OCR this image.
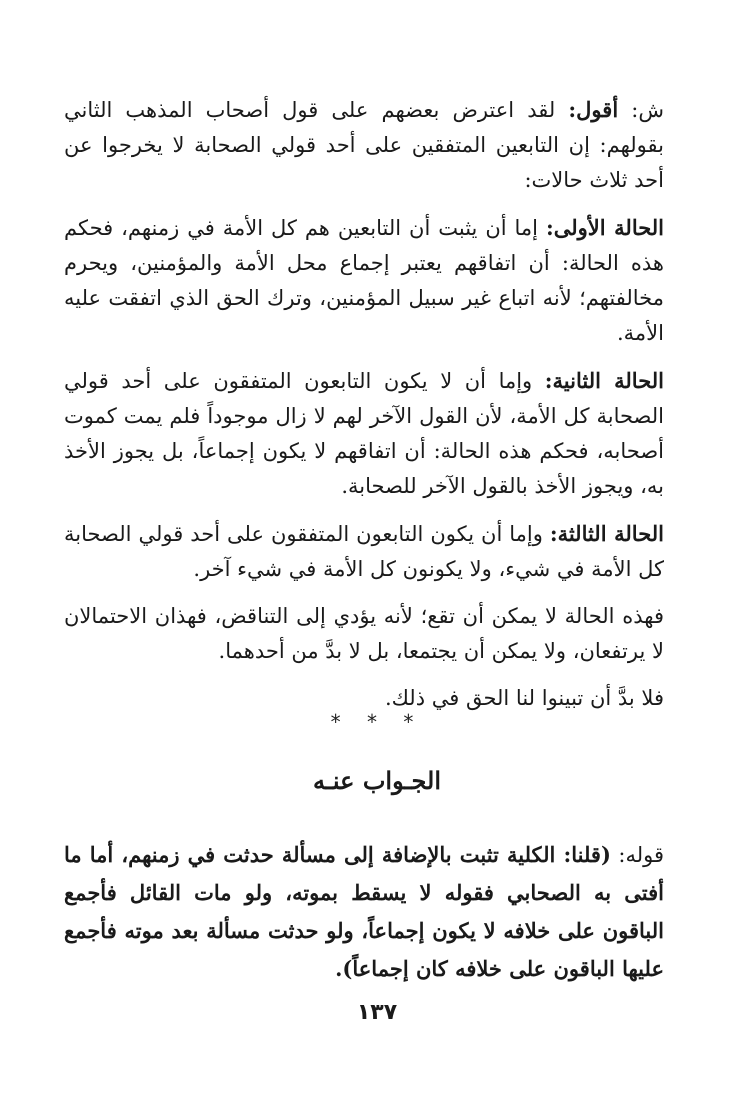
ش: أقول: لقد اعترض بعضهم على قول أصحاب المذهب الثاني بقولهم: إن التابعين المتفقين على أحد قولي الصحابة لا يخرجوا عن أحد ثلاث حالات:

الحالة الأولى: إما أن يثبت أن التابعين هم كل الأمة في زمنهم، فحكم هذه الحالة: أن اتفاقهم يعتبر إجماع محل الأمة والمؤمنين، ويحرم مخالفتهم؛ لأنه اتباع غير سبيل المؤمنين، وترك الحق الذي اتفقت عليه الأمة.

الحالة الثانية: وإما أن لا يكون التابعون المتفقون على أحد قولي الصحابة كل الأمة، لأن القول الآخر لهم لا زال موجوداً فلم يمت كموت أصحابه، فحكم هذه الحالة: أن اتفاقهم لا يكون إجماعاً، بل يجوز الأخذ به، ويجوز الأخذ بالقول الآخر للصحابة.

الحالة الثالثة: وإما أن يكون التابعون المتفقون على أحد قولي الصحابة كل الأمة في شيء، ولا يكونون كل الأمة في شيء آخر.

فهذه الحالة لا يمكن أن تقع؛ لأنه يؤدي إلى التناقض، فهذان الاحتمالان لا يرتفعان، ولا يمكن أن يجتمعا، بل لا بدَّ من أحدهما.

فلا بدَّ أن تبينوا لنا الحق في ذلك.

* * *
الجـواب عنـه

قوله: (قلنا: الكلية تثبت بالإضافة إلى مسألة حدثت في زمنهم، أما ما أفتى به الصحابي فقوله لا يسقط بموته، ولو مات القائل فأجمع الباقون على خلافه لا يكون إجماعاً، ولو حدثت مسألة بعد موته فأجمع عليها الباقون على خلافه كان إجماعاً).

١٣٧
